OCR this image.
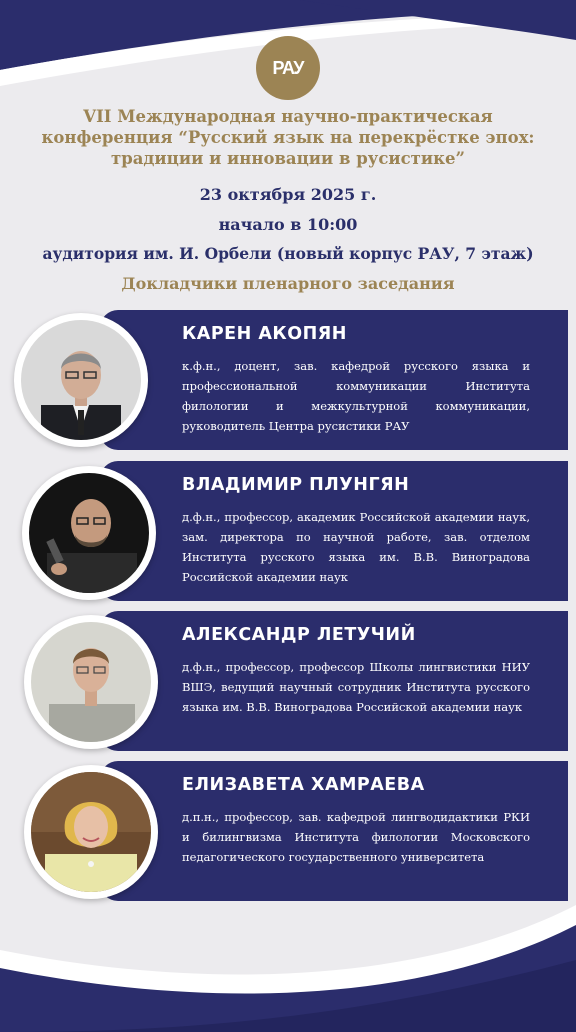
РАУ
VII Международная научно-практическая
конференция “Русский язык на перекрёстке эпох:
традиции и инновации в русистике”
23 октября 2025 г.
начало в 10:00
аудитория им. И. Орбели (новый корпус РАУ, 7 этаж)
Докладчики пленарного заседания
КАРЕН АКОПЯН
к.ф.н., доцент, зав. кафедрой русского языка и профессиональной коммуникации Института филологии и межкультурной коммуникации, руководитель Центра русистики РАУ
ВЛАДИМИР ПЛУНГЯН
д.ф.н., профессор, академик Российской академии наук, зам. директора по научной работе, зав. отделом Института русского языка им. В.В. Виноградова Российской академии наук
АЛЕКСАНДР ЛЕТУЧИЙ
д.ф.н., профессор, профессор Школы лингвистики НИУ ВШЭ, ведущий научный сотрудник Института русского языка им. В.В. Виноградова Российской академии наук
ЕЛИЗАВЕТА ХАМРАЕВА
д.п.н., профессор, зав. кафедрой лингводидактики РКИ и билингвизма Института филологии Московского педагогического государственного университета
